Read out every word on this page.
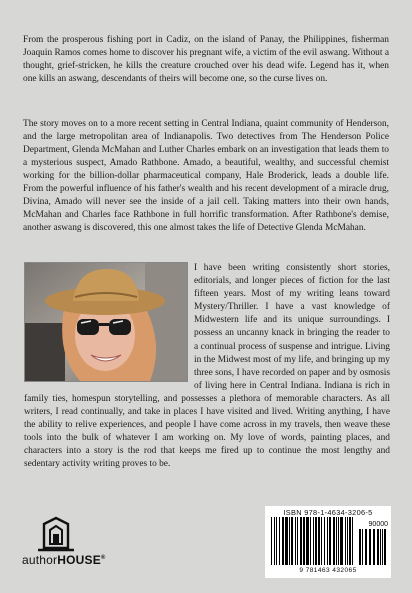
From the prosperous fishing port in Cadiz, on the island of Panay, the Philippines, fisherman Joaquin Ramos comes home to discover his pregnant wife, a victim of the evil aswang. Without a thought, grief-stricken, he kills the creature crouched over his dead wife. Legend has it, when one kills an aswang, descendants of theirs will become one, so the curse lives on.

The story moves on to a more recent setting in Central Indiana, quaint community of Henderson, and the large metropolitan area of Indianapolis. Two detectives from The Henderson Police Department, Glenda McMahan and Luther Charles embark on an investigation that leads them to a mysterious suspect, Amado Rathbone. Amado, a beautiful, wealthy, and successful chemist working for the billion-dollar pharmaceutical company, Hale Broderick, leads a double life. From the powerful influence of his father's wealth and his recent development of a miracle drug, Divina, Amado will never see the inside of a jail cell. Taking matters into their own hands, McMahan and Charles face Rathbone in full horrific transformation. After Rathbone's demise, another aswang is discovered, this one almost takes the life of Detective Glenda McMahan.

I have been writing consistently short stories, editorials, and longer pieces of fiction for the last fifteen years. Most of my writing leans toward Mystery/Thriller. I have a vast knowledge of Midwestern life and its unique surroundings. I possess an uncanny knack in bringing the reader to a continual process of suspense and intrigue. Living in the Midwest most of my life, and bringing up my three sons, I have recorded on paper and by osmosis of living here in Central Indiana. Indiana is rich in family ties, homespun storytelling, and possesses a plethora of memorable characters. As all writers, I read continually, and take in places I have visited and lived. Writing anything, I have the ability to relive experiences, and people I have come across in my travels, then weave these tools into the bulk of whatever I am working on. My love of words, painting places, and characters into a story is the rod that keeps me fired up to continue the most lengthy and sedentary activity writing proves to be.

authorHOUSE®
ISBN 978-1-4634-3206-5
90000
9 781463 432065
